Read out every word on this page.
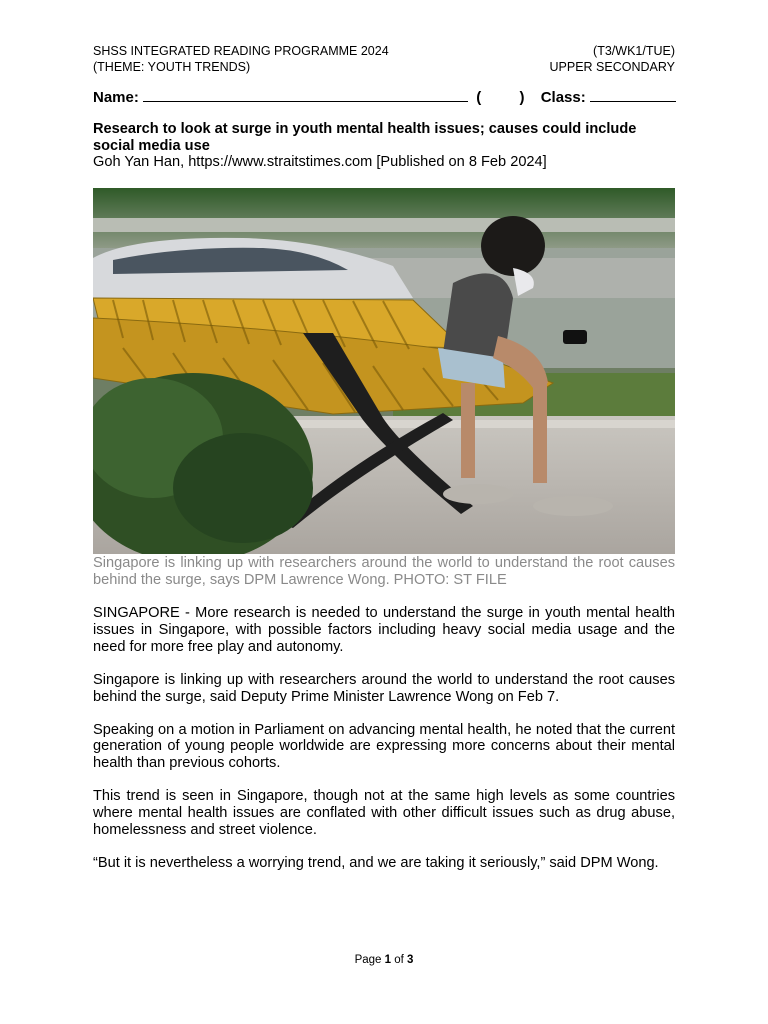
SHSS INTEGRATED READING PROGRAMME 2024	(T3/WK1/TUE)
(THEME: YOUTH TRENDS)	UPPER SECONDARY
Name:	(	) Class:
Research to look at surge in youth mental health issues; causes could include social media use
Goh Yan Han, https://www.straitstimes.com [Published on 8 Feb 2024]
Singapore is linking up with researchers around the world to understand the root causes behind the surge, says DPM Lawrence Wong. PHOTO: ST FILE

SINGAPORE - More research is needed to understand the surge in youth mental health issues in Singapore, with possible factors including heavy social media usage and the need for more free play and autonomy.

Singapore is linking up with researchers around the world to understand the root causes behind the surge, said Deputy Prime Minister Lawrence Wong on Feb 7.

Speaking on a motion in Parliament on advancing mental health, he noted that the current generation of young people worldwide are expressing more concerns about their mental health than previous cohorts.

This trend is seen in Singapore, though not at the same high levels as some countries where mental health issues are conflated with other difficult issues such as drug abuse, homelessness and street violence.

“But it is nevertheless a worrying trend, and we are taking it seriously,” said DPM Wong.

Page 1 of 3
